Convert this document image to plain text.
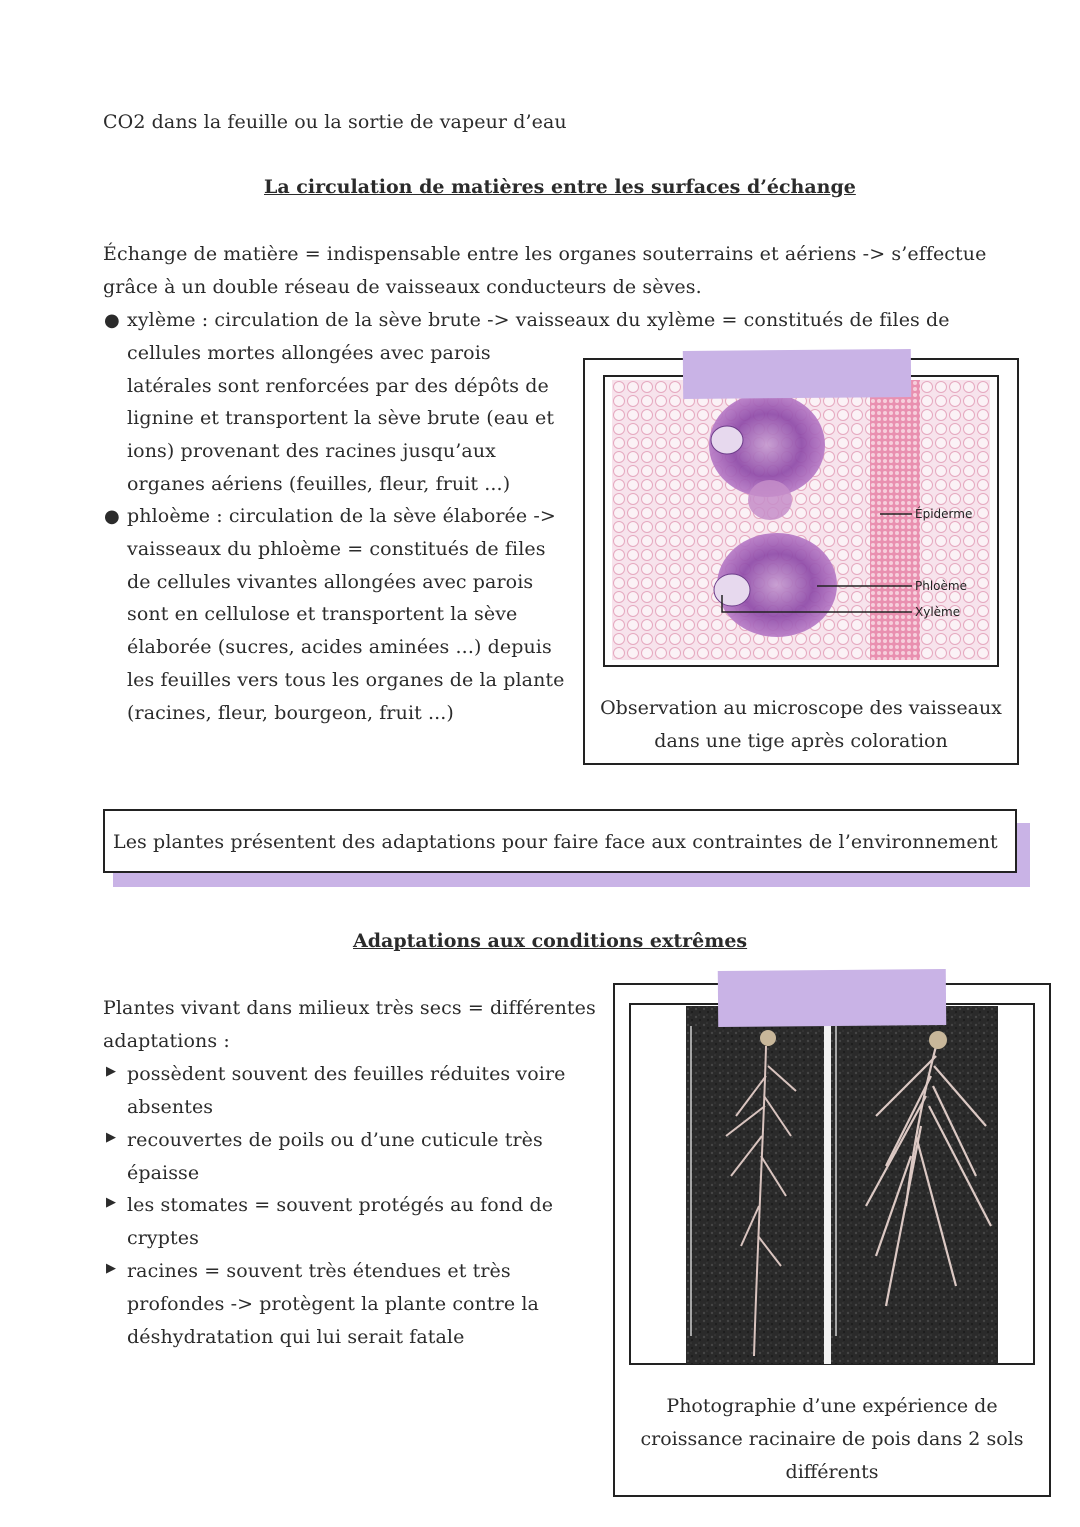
CO2 dans la feuille ou la sortie de vapeur d’eau
La circulation de matières entre les surfaces d’échange
Échange de matière = indispensable entre les organes souterrains et aériens -> s’effectue
grâce à un double réseau de vaisseaux conducteurs de sèves.
● xylème : circulation de la sève brute -> vaisseaux du xylème = constitués de files de
cellules mortes allongées avec parois
latérales sont renforcées par des dépôts de
lignine et transportent la sève brute (eau et
ions) provenant des racines jusqu’aux
organes aériens (feuilles, fleur, fruit ...)
● phloème : circulation de la sève élaborée ->
vaisseaux du phloème = constitués de files
de cellules vivantes allongées avec parois
sont en cellulose et transportent la sève
élaborée (sucres, acides aminées ...) depuis
les feuilles vers tous les organes de la plante
(racines, fleur, bourgeon, fruit ...)
Épiderme
Phloème
Xylème
Observation au microscope des vaisseaux
dans une tige après coloration
Les plantes présentent des adaptations pour faire face aux contraintes de l’environnement
Adaptations aux conditions extrêmes
Plantes vivant dans milieux très secs = différentes
adaptations :
▶ possèdent souvent des feuilles réduites voire
absentes
▶ recouvertes de poils ou d’une cuticule très
épaisse
▶ les stomates = souvent protégés au fond de
cryptes
▶ racines = souvent très étendues et très
profondes -> protègent la plante contre la
déshydratation qui lui serait fatale
Photographie d’une expérience de
croissance racinaire de pois dans 2 sols
différents
